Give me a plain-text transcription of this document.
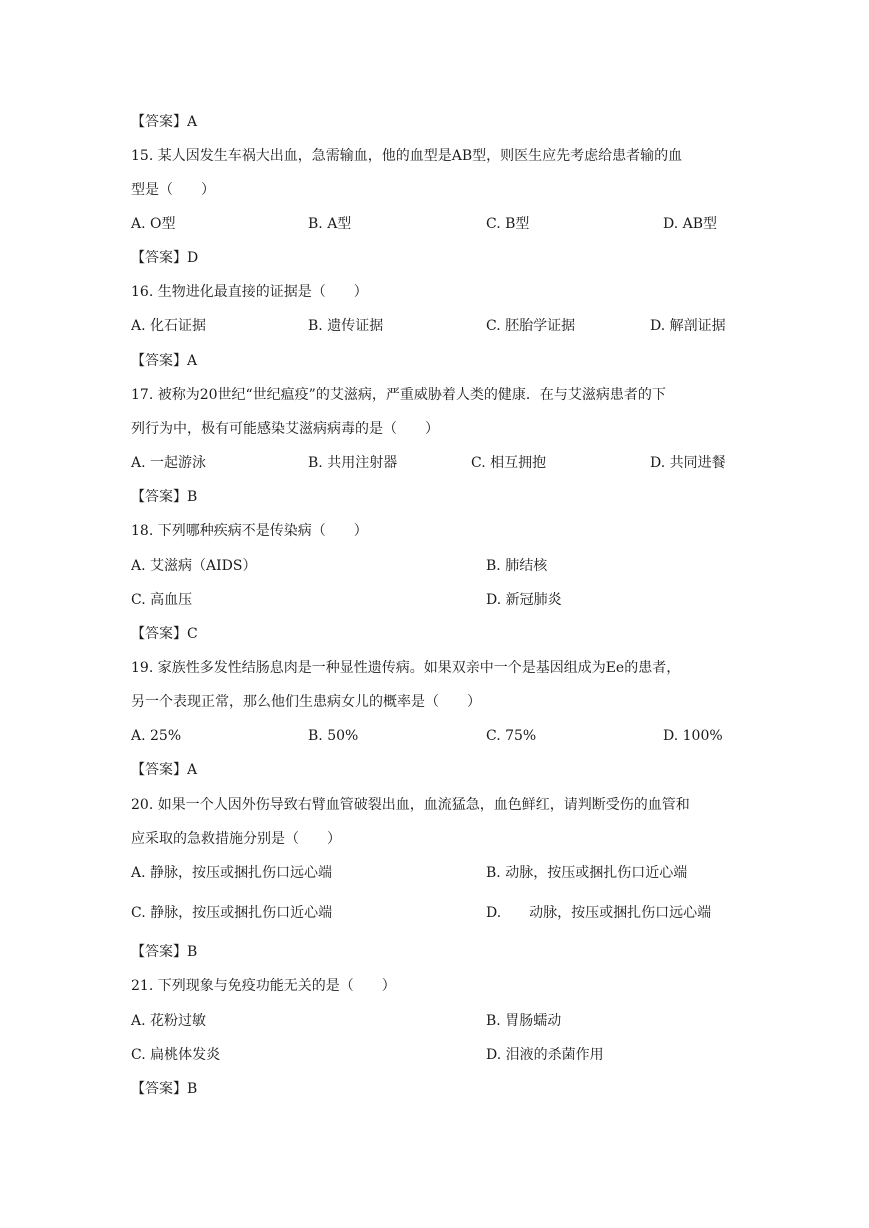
【答案】A
15. 某人因发生车祸大出血，急需输血，他的血型是AB型，则医生应先考虑给患者输的血
型是（　　）
A. O型	B. A型	C. B型	D. AB型
【答案】D
16. 生物进化最直接的证据是（　　）
A. 化石证据	B. 遗传证据	C. 胚胎学证据	D. 解剖证据
【答案】A
17. 被称为20世纪“世纪瘟疫”的艾滋病，严重威胁着人类的健康．在与艾滋病患者的下
列行为中，极有可能感染艾滋病病毒的是（　　）
A. 一起游泳	B. 共用注射器	C. 相互拥抱	D. 共同进餐
【答案】B
18. 下列哪种疾病不是传染病（　　）
A. 艾滋病（AIDS）	B. 肺结核
C. 高血压	D. 新冠肺炎
【答案】C
19. 家族性多发性结肠息肉是一种显性遗传病。如果双亲中一个是基因组成为Ee的患者，
另一个表现正常，那么他们生患病女儿的概率是（　　）
A. 25%	B. 50%	C. 75%	D. 100%
【答案】A
20. 如果一个人因外伤导致右臂血管破裂出血，血流猛急，血色鲜红，请判断受伤的血管和
应采取的急救措施分别是（　　）
A. 静脉，按压或捆扎伤口远心端	B. 动脉，按压或捆扎伤口近心端
C. 静脉，按压或捆扎伤口近心端	D.　　动脉，按压或捆扎伤口远心端
【答案】B
21. 下列现象与免疫功能无关的是（　　）
A. 花粉过敏	B. 胃肠蠕动
C. 扁桃体发炎	D. 泪液的杀菌作用
【答案】B
